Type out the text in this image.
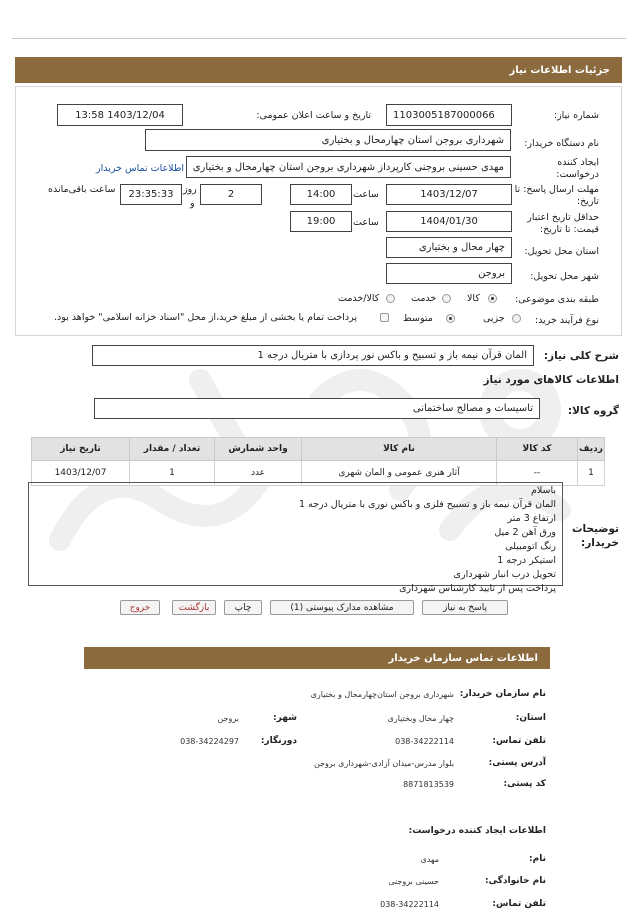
جزئیات اطلاعات نیاز
شماره نیاز:
1103005187000066
تاریخ و ساعت اعلان عمومی:
1403/12/04 13:58
نام دستگاه خریدار:
شهرداری بروجن استان چهارمحال و بختیاری
ایجاد کننده
درخواست:
مهدی حسینی بروجنی کارپرداز شهرداری بروجن استان چهارمحال و بختیاری
اطلاعات تماس خریدار
مهلت ارسال پاسخ: تا
تاریخ:
1403/12/07
ساعت
14:00
2
روز
و
23:35:33
ساعت باقی‌مانده
حداقل تاریخ اعتبار
قیمت: تا تاریخ:
1404/01/30
ساعت
19:00
استان محل تحویل:
چهار محال و بختیاری
شهر محل تحویل:
بروجن
طبقه بندی موضوعی:
کالا
خدمت
کالا/خدمت
نوع فرآیند خرید:
جزیی
متوسط
پرداخت تمام یا بخشی از مبلغ خرید،از محل "اسناد خزانه اسلامی" خواهد بود.
شرح کلی نیاز:
المان قرآن نیمه باز و تسبیح و باکس نور پردازی با متریال درجه 1
اطلاعات کالاهای مورد نیاز
گروه کالا:
تاسیسات و مصالح ساختمانی
ردیف	کد کالا	نام کالا	واحد شمارش	تعداد / مقدار	تاریخ نیاز
1	--	آثار هنری عمومی و المان شهری	عدد	1	1403/12/07
توضیحات
خریدار:
باسلام
المان قرآن نیمه باز و تسبیح فلزی و باکس نوری با متریال درجه 1
ارتفاع 3 متر
ورق آهن 2 میل
رنگ اتومبیلی
استیکر درجه 1
تحویل درب انبار شهرداری
پرداخت پس از تایید کارشناس شهرداری
پاسخ به نیاز
مشاهده مدارک پیوستی (1)
چاپ
بازگشت
خروج
اطلاعات تماس سازمان خریدار
نام سازمان خریدار:
شهرداری بروجن استان‌چهارمحال و بختیاری
استان:
چهار محال وبختیاری
شهر:
بروجن
تلفن تماس:
038-34222114
دورنگار:
038-34224297
آدرس پستی:
بلوار مدرس-میدان آزادی-شهرداری بروجن
کد پستی:
8871813539
اطلاعات ایجاد کننده درخواست:
نام:
مهدی
نام خانوادگی:
حسینی بروجنی
تلفن تماس:
038-34222114
